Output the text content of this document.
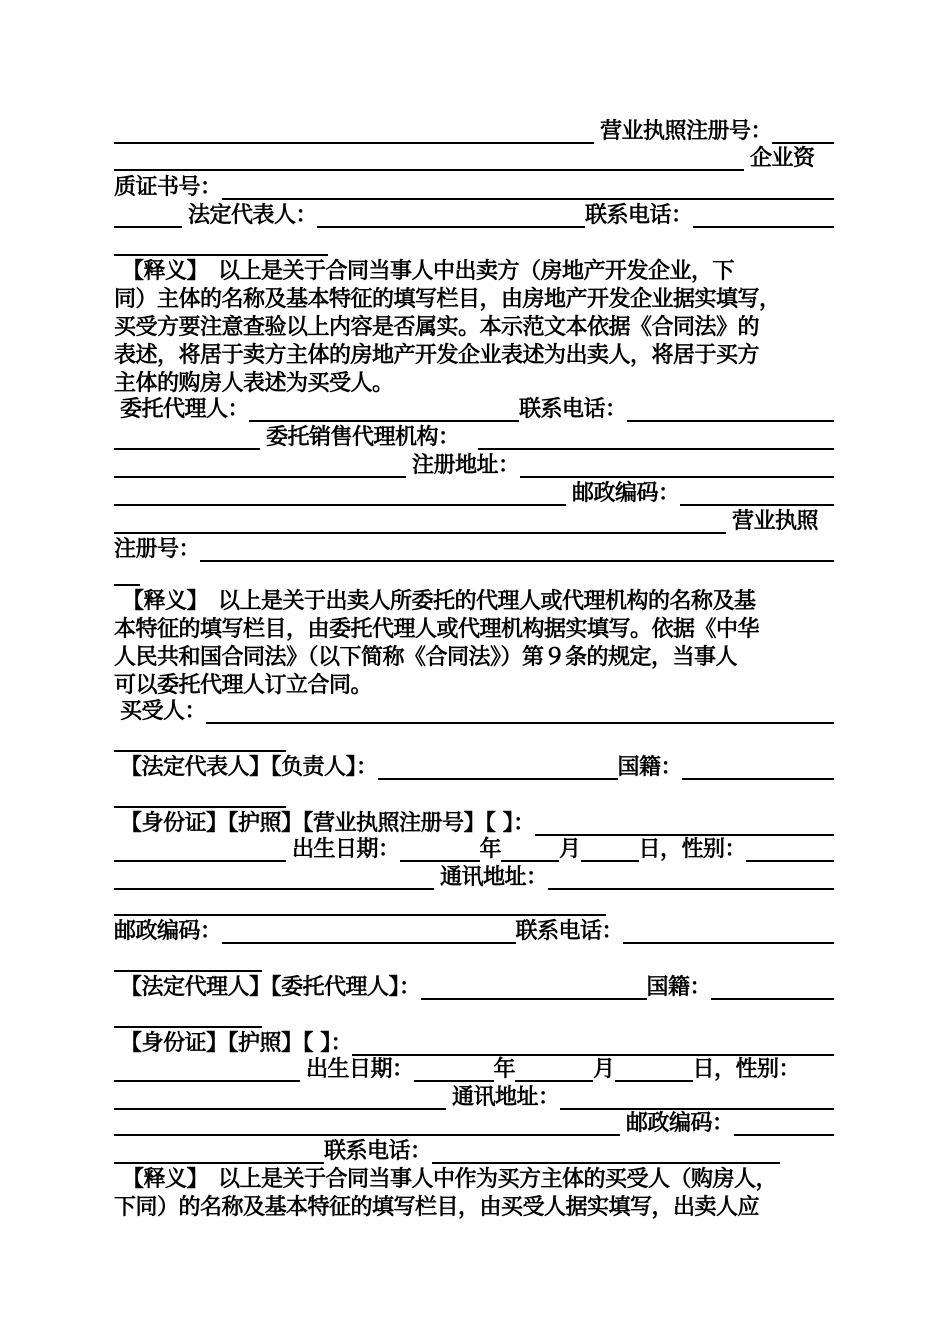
营业执照注册号：
企业资
质证书号：
法定代表人：	联系电话：
【释义】 以上是关于合同当事人中出卖方（房地产开发企业，下
同）主体的名称及基本特征的填写栏目，由房地产开发企业据实填写，
买受方要注意查验以上内容是否属实。本示范文本依据《合同法》的
表述，将居于卖方主体的房地产开发企业表述为出卖人，将居于买方
主体的购房人表述为买受人。
委托代理人：	联系电话：
委托销售代理机构：
注册地址：
邮政编码：
营业执照
注册号：
【释义】 以上是关于出卖人所委托的代理人或代理机构的名称及基
本特征的填写栏目，由委托代理人或代理机构据实填写。依据《中华
人民共和国合同法》（以下简称《合同法》）第９条的规定，当事人
可以委托代理人订立合同。
买受人：
【法定代表人】【负责人】：	国籍：
【身份证】【护照】【营业执照注册号】【 】：
出生日期：	年	月	日，性别：
通讯地址：
邮政编码：	联系电话：
【法定代理人】【委托代理人】：	国籍：
【身份证】【护照】【 】：
出生日期：	年	月	日，性别：
通讯地址：
邮政编码：
联系电话：
【释义】 以上是关于合同当事人中作为买方主体的买受人（购房人，
下同）的名称及基本特征的填写栏目，由买受人据实填写，出卖人应
